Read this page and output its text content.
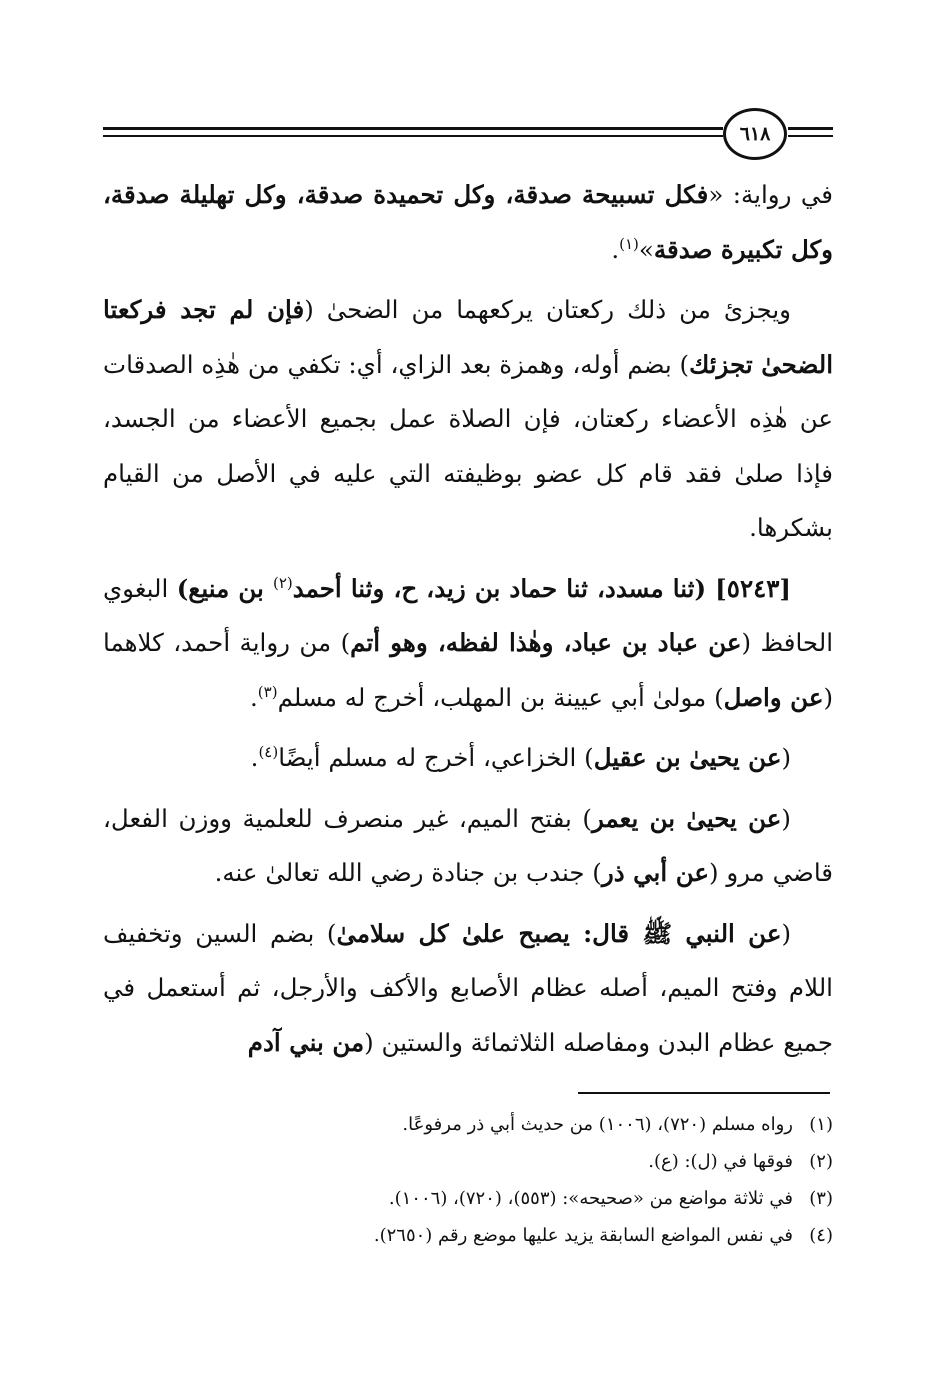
٦١٨

في رواية: «فكل تسبيحة صدقة، وكل تحميدة صدقة، وكل تهليلة صدقة، وكل تكبيرة صدقة»$^{(١)}$.

ويجزئ من ذلك ركعتان يركعهما من الضحىٰ (فإن لم تجد فركعتا الضحىٰ تجزئك) بضم أوله، وهمزة بعد الزاي، أي: تكفي من هٰذِه الصدقات عن هٰذِه الأعضاء ركعتان، فإن الصلاة عمل بجميع الأعضاء من الجسد، فإذا صلىٰ فقد قام كل عضو بوظيفته التي عليه في الأصل من القيام بشكرها.

[٥٢٤٣] (ثنا مسدد، ثنا حماد بن زيد، ح، وثنا أحمد$^{(٢)}$ بن منيع) البغوي الحافظ (عن عباد بن عباد، وهٰذا لفظه، وهو أتم) من رواية أحمد، كلاهما (عن واصل) مولىٰ أبي عيينة بن المهلب، أخرج له مسلم$^{(٣)}$.

(عن يحيىٰ بن عقيل) الخزاعي، أخرج له مسلم أيضًا$^{(٤)}$.

(عن يحيىٰ بن يعمر) بفتح الميم، غير منصرف للعلمية ووزن الفعل، قاضي مرو (عن أبي ذر) جندب بن جنادة رضي الله تعالىٰ عنه.

(عن النبي ﷺ قال: يصبح علىٰ كل سلامىٰ) بضم السين وتخفيف اللام وفتح الميم، أصله عظام الأصابع والأكف والأرجل، ثم أستعمل في جميع عظام البدن ومفاصله الثلاثمائة والستين (من بني آدم

(١)رواه مسلم (٧٢٠)، (١٠٠٦) من حديث أبي ذر مرفوعًا.
(٢)فوقها في (ل): (ع).
(٣)في ثلاثة مواضع من «صحيحه»: (٥٥٣)، (٧٢٠)، (١٠٠٦).
(٤)في نفس المواضع السابقة يزيد عليها موضع رقم (٢٦٥٠).
